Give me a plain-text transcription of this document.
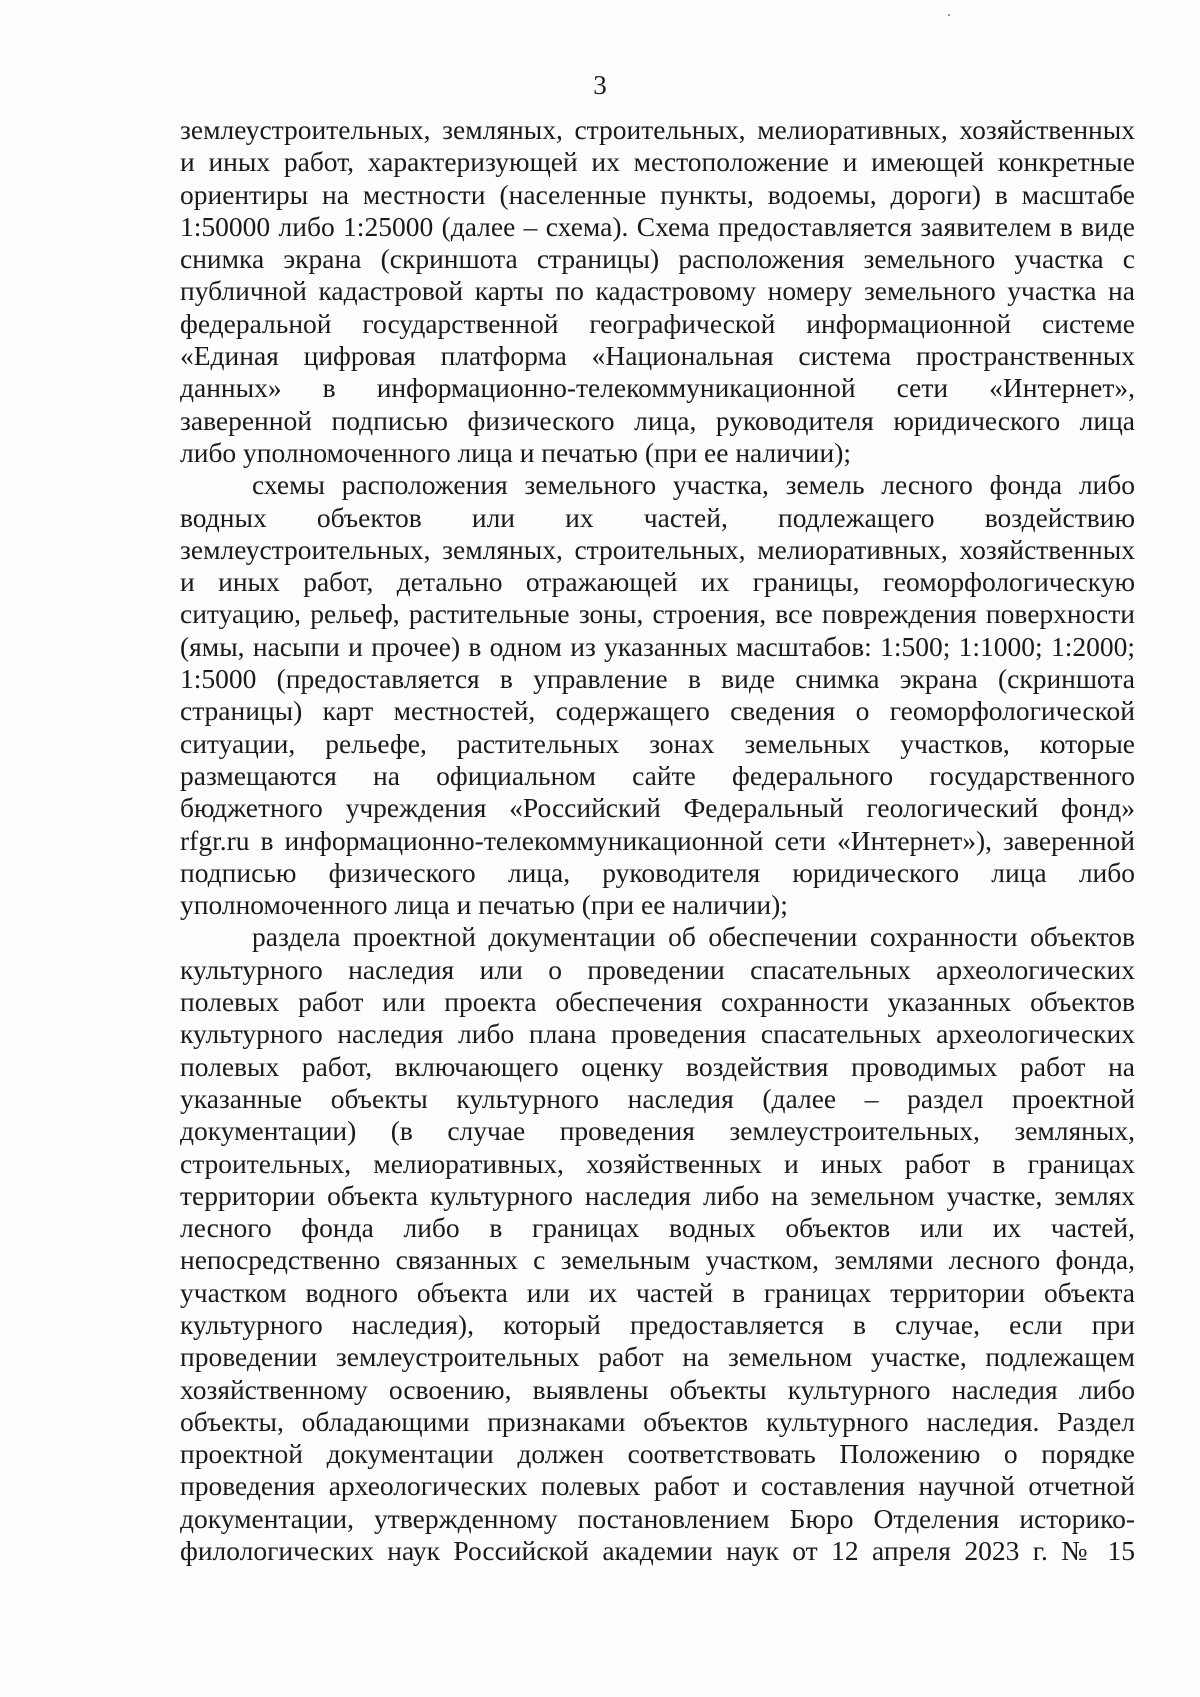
3
землеустроительных, земляных, строительных, мелиоративных, хозяйственных
и иных работ, характеризующей их местоположение и имеющей конкретные
ориентиры на местности (населенные пункты, водоемы, дороги) в масштабе
1:50000 либо 1:25000 (далее – схема). Схема предоставляется заявителем в виде
снимка экрана (скриншота страницы) расположения земельного участка с
публичной кадастровой карты по кадастровому номеру земельного участка на
федеральной государственной географической информационной системе
«Единая цифровая платформа «Национальная система пространственных
данных» в информационно-телекоммуникационной сети «Интернет»,
заверенной подписью физического лица, руководителя юридического лица
либо уполномоченного лица и печатью (при ее наличии);
схемы расположения земельного участка, земель лесного фонда либо
водных объектов или их частей, подлежащего воздействию
землеустроительных, земляных, строительных, мелиоративных, хозяйственных
и иных работ, детально отражающей их границы, геоморфологическую
ситуацию, рельеф, растительные зоны, строения, все повреждения поверхности
(ямы, насыпи и прочее) в одном из указанных масштабов: 1:500; 1:1000; 1:2000;
1:5000 (предоставляется в управление в виде снимка экрана (скриншота
страницы) карт местностей, содержащего сведения о геоморфологической
ситуации, рельефе, растительных зонах земельных участков, которые
размещаются на официальном сайте федерального государственного
бюджетного учреждения «Российский Федеральный геологический фонд»
rfgr.ru в информационно-телекоммуникационной сети «Интернет»), заверенной
подписью физического лица, руководителя юридического лица либо
уполномоченного лица и печатью (при ее наличии);
раздела проектной документации об обеспечении сохранности объектов
культурного наследия или о проведении спасательных археологических
полевых работ или проекта обеспечения сохранности указанных объектов
культурного наследия либо плана проведения спасательных археологических
полевых работ, включающего оценку воздействия проводимых работ на
указанные объекты культурного наследия (далее – раздел проектной
документации) (в случае проведения землеустроительных, земляных,
строительных, мелиоративных, хозяйственных и иных работ в границах
территории объекта культурного наследия либо на земельном участке, землях
лесного фонда либо в границах водных объектов или их частей,
непосредственно связанных с земельным участком, землями лесного фонда,
участком водного объекта или их частей в границах территории объекта
культурного наследия), который предоставляется в случае, если при
проведении землеустроительных работ на земельном участке, подлежащем
хозяйственному освоению, выявлены объекты культурного наследия либо
объекты, обладающими признаками объектов культурного наследия. Раздел
проектной документации должен соответствовать Положению о порядке
проведения археологических полевых работ и составления научной отчетной
документации, утвержденному постановлением Бюро Отделения историко-
филологических наук Российской академии наук от 12 апреля 2023 г. № 15
